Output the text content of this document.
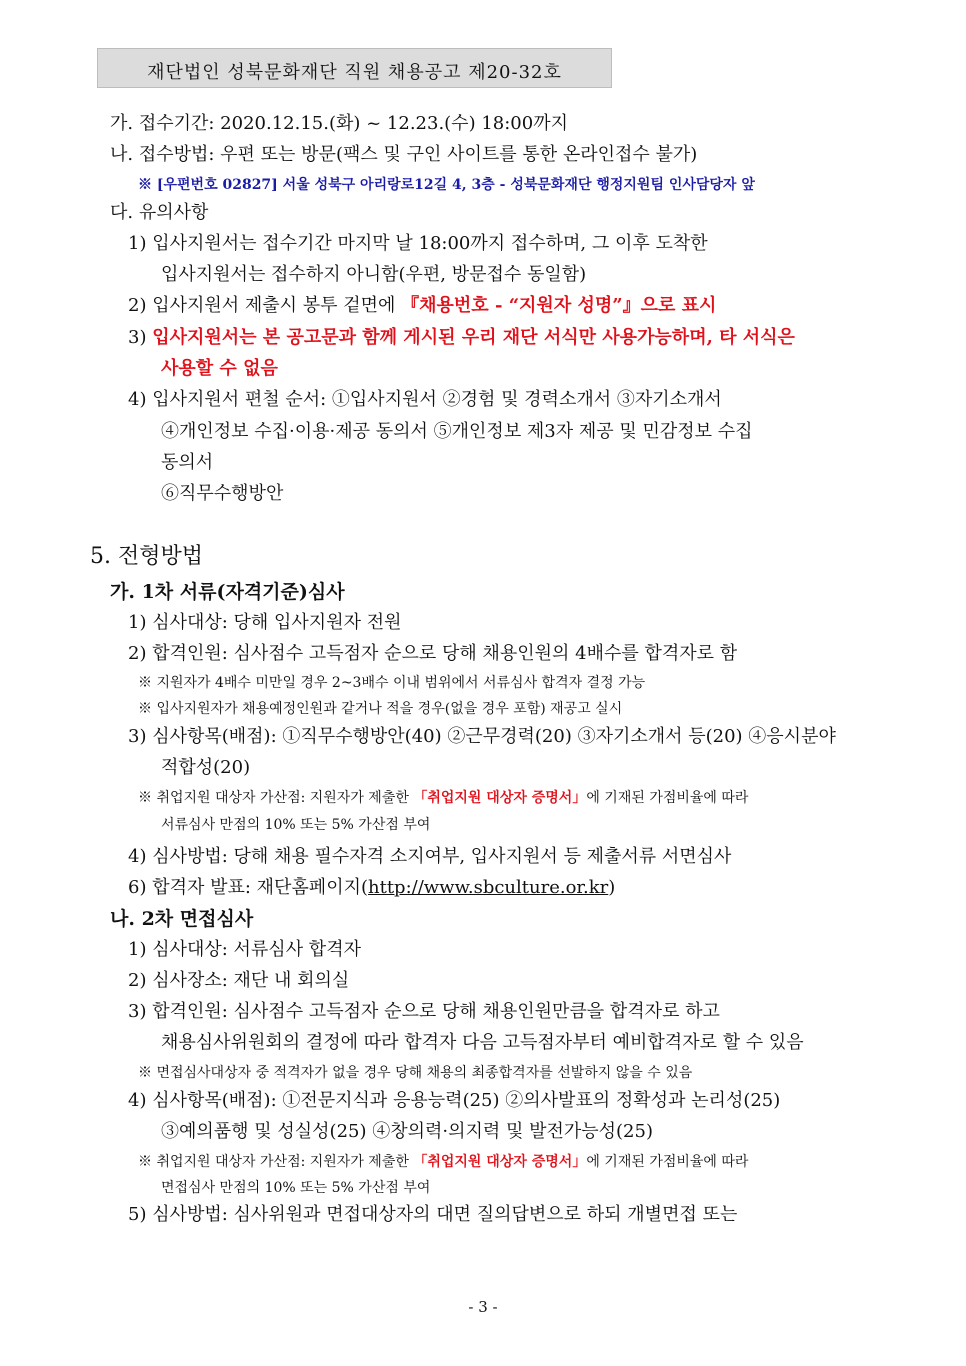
재단법인 성북문화재단 직원 채용공고 제20-32호
가. 접수기간: 2020.12.15.(화) ~ 12.23.(수) 18:00까지
나. 접수방법: 우편 또는 방문(팩스 및 구인 사이트를 통한 온라인접수 불가)
※ [우편번호 02827] 서울 성북구 아리랑로12길 4, 3층 - 성북문화재단 행정지원팀 인사담당자 앞
다. 유의사항
1) 입사지원서는 접수기간 마지막 날 18:00까지 접수하며, 그 이후 도착한
입사지원서는 접수하지 아니함(우편, 방문접수 동일함)
2) 입사지원서 제출시 봉투 겉면에 『채용번호 - “지원자 성명”』으로 표시
3) 입사지원서는 본 공고문과 함께 게시된 우리 재단 서식만 사용가능하며, 타 서식은
사용할 수 없음
4) 입사지원서 편철 순서: ①입사지원서 ②경험 및 경력소개서 ③자기소개서
④개인정보 수집·이용·제공 동의서 ⑤개인정보 제3자 제공 및 민감정보 수집
동의서
⑥직무수행방안
5. 전형방법
가. 1차 서류(자격기준)심사
1) 심사대상: 당해 입사지원자 전원
2) 합격인원: 심사점수 고득점자 순으로 당해 채용인원의 4배수를 합격자로 함
※ 지원자가 4배수 미만일 경우 2~3배수 이내 범위에서 서류심사 합격자 결정 가능
※ 입사지원자가 채용예정인원과 같거나 적을 경우(없을 경우 포함) 재공고 실시
3) 심사항목(배점): ①직무수행방안(40) ②근무경력(20) ③자기소개서 등(20) ④응시분야
적합성(20)
※ 취업지원 대상자 가산점: 지원자가 제출한 「취업지원 대상자 증명서」에 기재된 가점비율에 따라
서류심사 만점의 10% 또는 5% 가산점 부여
4) 심사방법: 당해 채용 필수자격 소지여부, 입사지원서 등 제출서류 서면심사
6) 합격자 발표: 재단홈페이지(http://www.sbculture.or.kr)
나. 2차 면접심사
1) 심사대상: 서류심사 합격자
2) 심사장소: 재단 내 회의실
3) 합격인원: 심사점수 고득점자 순으로 당해 채용인원만큼을 합격자로 하고
채용심사위원회의 결정에 따라 합격자 다음 고득점자부터 예비합격자로 할 수 있음
※ 면접심사대상자 중 적격자가 없을 경우 당해 채용의 최종합격자를 선발하지 않을 수 있음
4) 심사항목(배점): ①전문지식과 응용능력(25) ②의사발표의 정확성과 논리성(25)
③예의품행 및 성실성(25) ④창의력·의지력 및 발전가능성(25)
※ 취업지원 대상자 가산점: 지원자가 제출한 「취업지원 대상자 증명서」에 기재된 가점비율에 따라
면접심사 만점의 10% 또는 5% 가산점 부여
5) 심사방법: 심사위원과 면접대상자의 대면 질의답변으로 하되 개별면접 또는
- 3 -
